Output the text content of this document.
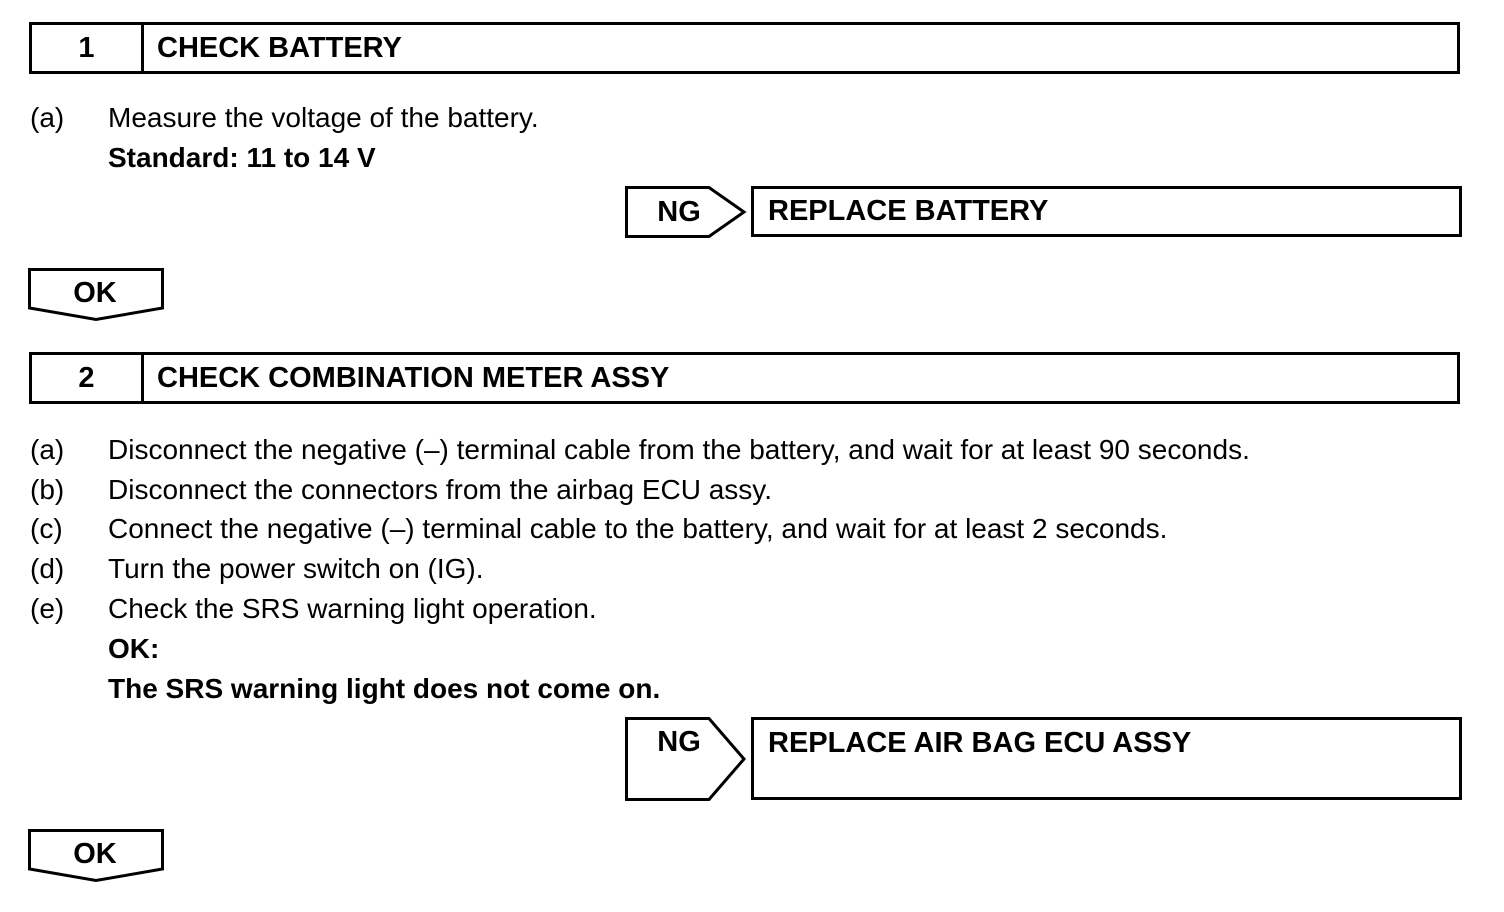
1	CHECK BATTERY
(a) Measure the voltage of the battery.
Standard: 11 to 14 V
NG	REPLACE BATTERY
OK
2	CHECK COMBINATION METER ASSY
(a) Disconnect the negative (–) terminal cable from the battery, and wait for at least 90 seconds.
(b) Disconnect the connectors from the airbag ECU assy.
(c) Connect the negative (–) terminal cable to the battery, and wait for at least 2 seconds.
(d) Turn the power switch on (IG).
(e) Check the SRS warning light operation.
OK:
The SRS warning light does not come on.
NG	REPLACE AIR BAG ECU ASSY
OK
